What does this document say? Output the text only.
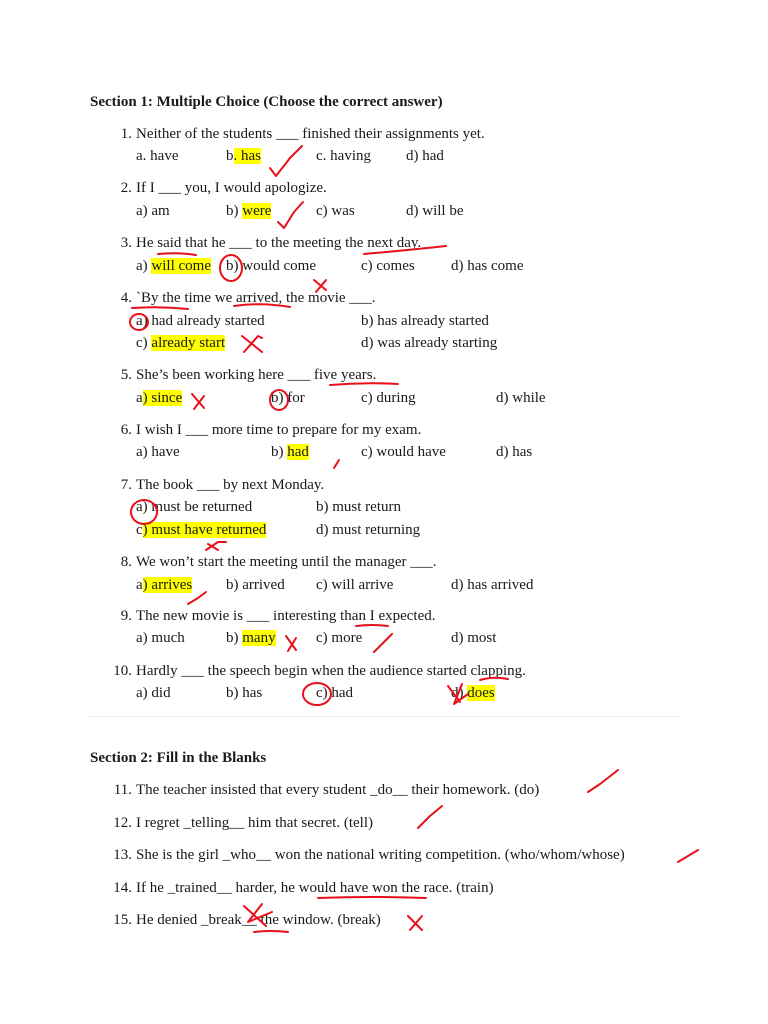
Section 1: Multiple Choice (Choose the correct answer)
1. Neither of the students ___ finished their assignments yet.
a. have	b. has	c. having d) had
2. If I ___ you, I would apologize.
a) am	b) were	c) was	d) will be
3. He said that he ___ to the meeting the next day.
a) will come b) would come	c) comes d) has come
4. `By the time we arrived, the movie ___.
a) had already started	b) has already started
c) already start	d) was already starting
5. She’s been working here ___ five years.
a) since	b) for	c) during	d) while
6. I wish I ___ more time to prepare for my exam.
a) have	b) had	c) would have	d) has
7. The book ___ by next Monday.
a) must be returned	b) must return
c) must have returned	d) must returning
8. We won’t start the meeting until the manager ___.
a) arrives b) arrived c) will arrive	d) has arrived
9. The new movie is ___ interesting than I expected.
a) much	b) many	c) more	d) most
10. Hardly ___ the speech begin when the audience started clapping.
a) did	b) has	c) had	d) does
Section 2: Fill in the Blanks
11. The teacher insisted that every student _do__ their homework. (do)
12. I regret _telling__ him that secret. (tell)
13. She is the girl _who__ won the national writing competition. (who/whom/whose)
14. If he _trained__ harder, he would have won the race. (train)
15. He denied _break__ the window. (break)
